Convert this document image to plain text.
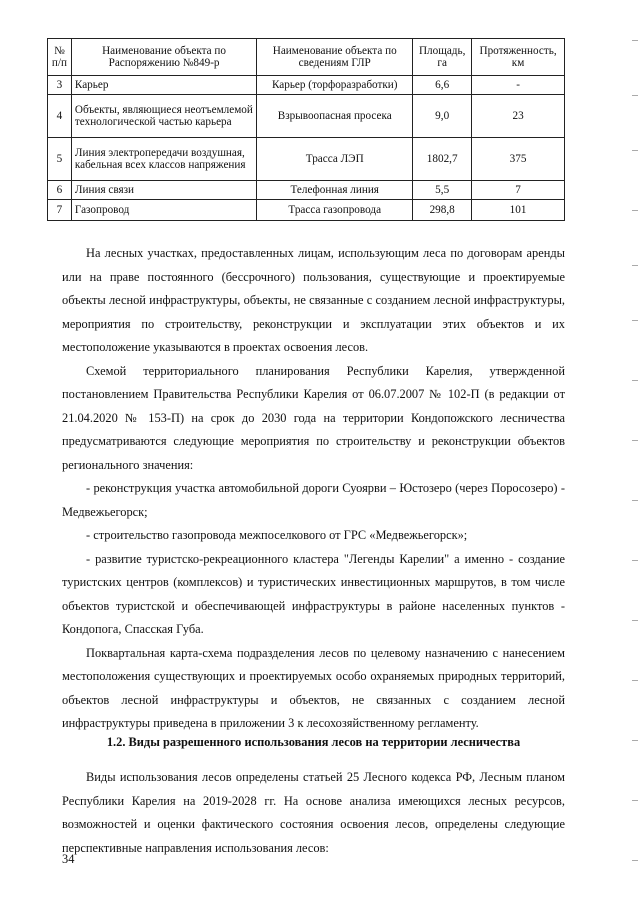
№ п/п	Наименование объекта по Распоряжению №849-р	Наименование объекта по сведениям ГЛР	Площадь, га	Протяженность, км
3	Карьер	Карьер (торфоразработки)	6,6	-
4	Объекты, являющиеся неотъемлемой технологической частью карьера	Взрывоопасная просека	9,0	23
5	Линия электропередачи воздушная, кабельная всех классов напряжения	Трасса ЛЭП	1802,7	375
6	Линия связи	Телефонная линия	5,5	7
7	Газопровод	Трасса газопровода	298,8	101

На лесных участках, предоставленных лицам, использующим леса по договорам аренды или на праве постоянного (бессрочного) пользования, существующие и проектируемые объекты лесной инфраструктуры, объекты, не связанные с созданием лесной инфраструктуры, мероприятия по строительству, реконструкции и эксплуатации этих объектов и их местоположение указываются в проектах освоения лесов.

Схемой территориального планирования Республики Карелия, утвержденной постановлением Правительства Республики Карелия от 06.07.2007 № 102-П (в редакции от 21.04.2020 № 153-П) на срок до 2030 года на территории Кондопожского лесничества предусматриваются следующие мероприятия по строительству и реконструкции объектов регионального значения:

- реконструкция участка автомобильной дороги Суоярви – Юстозеро (через Поросозеро) - Медвежьегорск;

- строительство газопровода межпоселкового от ГРС «Медвежьегорск»;

- развитие туристско-рекреационного кластера "Легенды Карелии" а именно - создание туристских центров (комплексов) и туристических инвестиционных маршрутов, в том числе объектов туристской и обеспечивающей инфраструктуры в районе населенных пунктов - Кондопога, Спасская Губа.

Поквартальная карта-схема подразделения лесов по целевому назначению с нанесением местоположения существующих и проектируемых особо охраняемых природных территорий, объектов лесной инфраструктуры и объектов, не связанных с созданием лесной инфраструктуры приведена в приложении 3 к лесохозяйственному регламенту.

1.2. Виды разрешенного использования лесов на территории лесничества

Виды использования лесов определены статьей 25 Лесного кодекса РФ, Лесным планом Республики Карелия на 2019-2028 гг. На основе анализа имеющихся лесных ресурсов, возможностей и оценки фактического состояния освоения лесов, определены следующие перспективные направления использования лесов:

34
